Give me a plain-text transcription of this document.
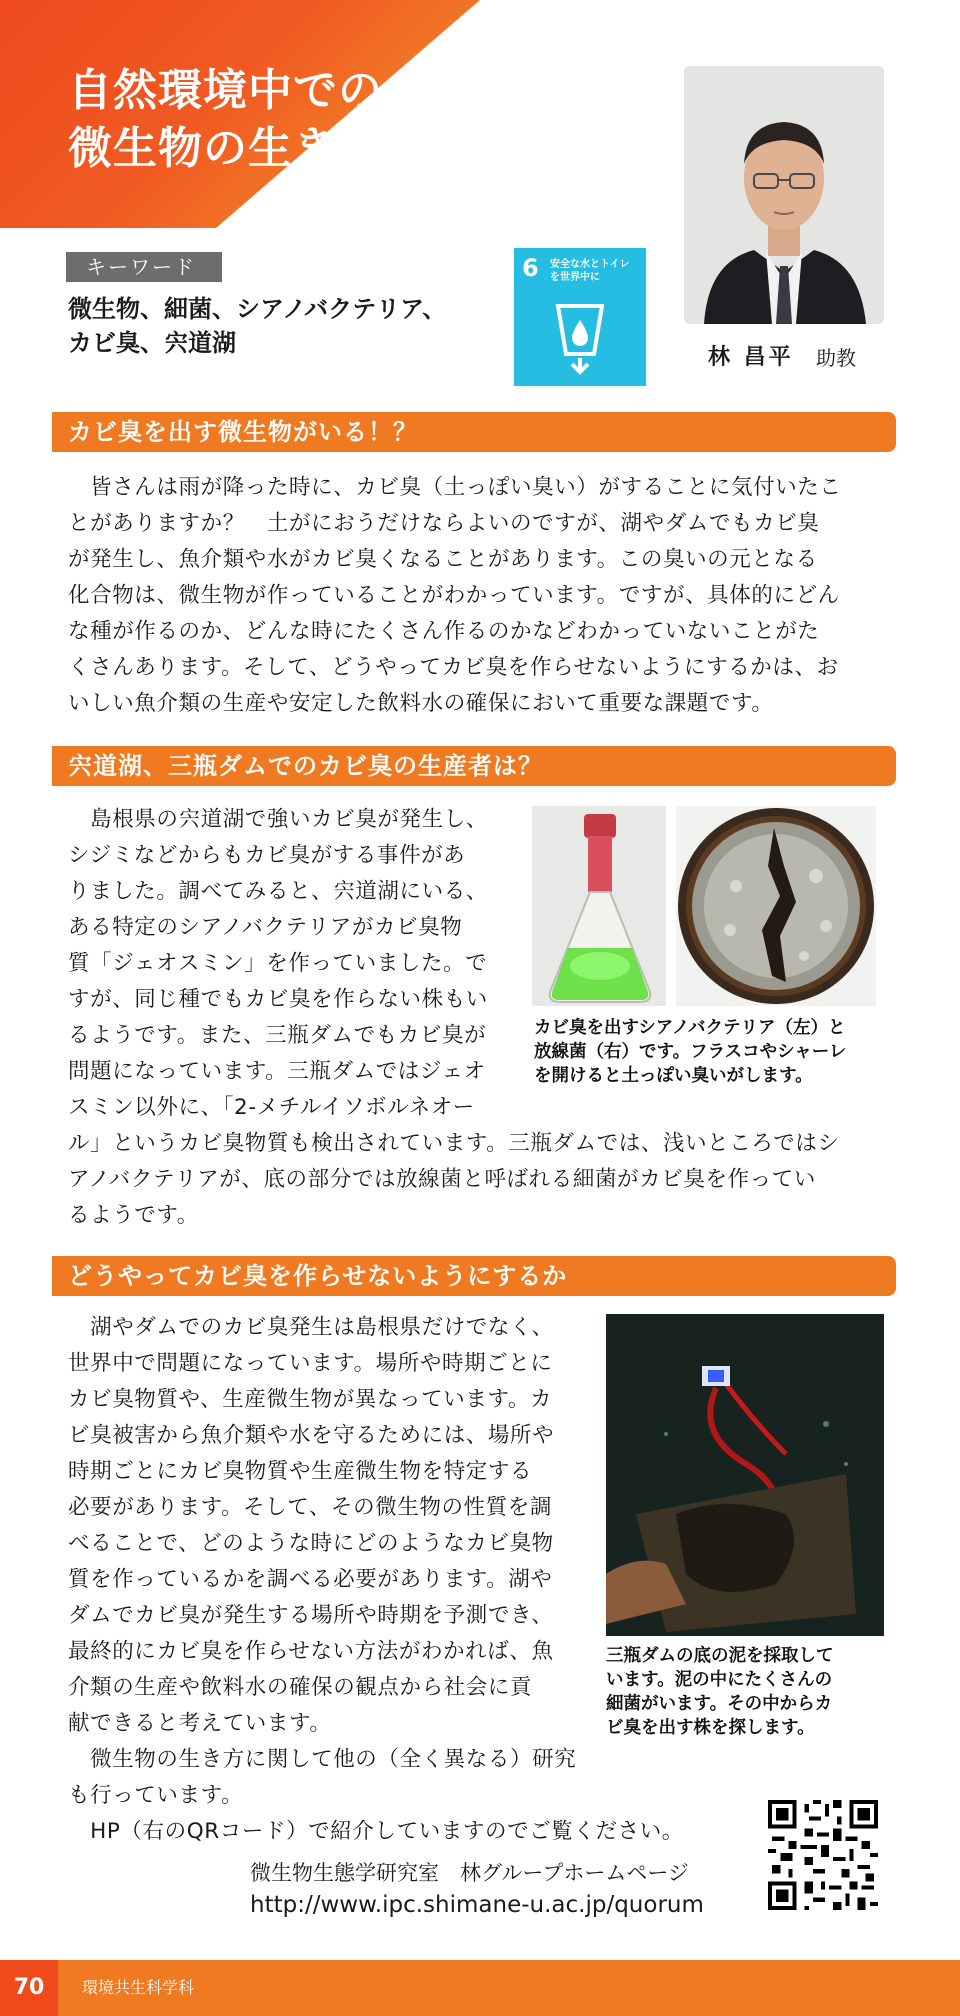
自然環境中での
微生物の生き方を知る
林 昌平 助教
キーワード
微生物、細菌、シアノバクテリア、
カビ臭、宍道湖
6 安全な水とトイレ
を世界中に
カビ臭を出す微生物がいる！？
　皆さんは雨が降った時に、カビ臭（土っぽい臭い）がすることに気付いたこ
とがありますか？　土がにおうだけならよいのですが、湖やダムでもカビ臭
が発生し、魚介類や水がカビ臭くなることがあります。この臭いの元となる
化合物は、微生物が作っていることがわかっています。ですが、具体的にどん
な種が作るのか、どんな時にたくさん作るのかなどわかっていないことがた
くさんあります。そして、どうやってカビ臭を作らせないようにするかは、お
いしい魚介類の生産や安定した飲料水の確保において重要な課題です。
宍道湖、三瓶ダムでのカビ臭の生産者は？
　島根県の宍道湖で強いカビ臭が発生し、
シジミなどからもカビ臭がする事件があ
りました。調べてみると、宍道湖にいる、
ある特定のシアノバクテリアがカビ臭物
質「ジェオスミン」を作っていました。で
すが、同じ種でもカビ臭を作らない株もい
るようです。また、三瓶ダムでもカビ臭が
問題になっています。三瓶ダムではジェオ
スミン以外に、「2-メチルイソボルネオー
ル」というカビ臭物質も検出されています。三瓶ダムでは、浅いところではシ
アノバクテリアが、底の部分では放線菌と呼ばれる細菌がカビ臭を作ってい
るようです。
カビ臭を出すシアノバクテリア（左）と
放線菌（右）です。フラスコやシャーレ
を開けると土っぽい臭いがします。
どうやってカビ臭を作らせないようにするか
　湖やダムでのカビ臭発生は島根県だけでなく、
世界中で問題になっています。場所や時期ごとに
カビ臭物質や、生産微生物が異なっています。カ
ビ臭被害から魚介類や水を守るためには、場所や
時期ごとにカビ臭物質や生産微生物を特定する
必要があります。そして、その微生物の性質を調
べることで、どのような時にどのようなカビ臭物
質を作っているかを調べる必要があります。湖や
ダムでカビ臭が発生する場所や時期を予測でき、
最終的にカビ臭を作らせない方法がわかれば、魚
介類の生産や飲料水の確保の観点から社会に貢
献できると考えています。
　微生物の生き方に関して他の（全く異なる）研究
も行っています。
　HP（右のQRコード）で紹介していますのでご覧ください。
三瓶ダムの底の泥を採取して
います。泥の中にたくさんの
細菌がいます。その中からカ
ビ臭を出す株を探します。
微生物生態学研究室　林グループホームページ
http://www.ipc.shimane-u.ac.jp/quorum
70	環境共生科学科
